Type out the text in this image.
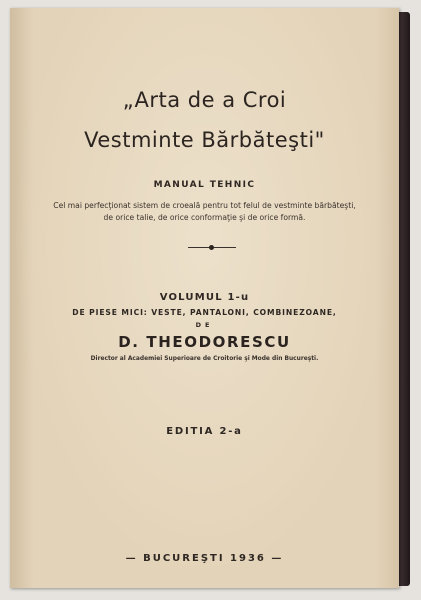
„Arta de a Croi
Vestminte Bărbăteşti"
MANUAL TEHNIC
Cel mai perfecţionat sistem de croeală pentru tot felul de vestminte bărbăteşti,
de orice talie, de orice conformaţie şi de orice formă.
VOLUMUL 1-u
DE PIESE MICI: VESTE, PANTALONI, COMBINEZOANE,
DE
D. THEODORESCU
Director al Academiei Superioare de Croitorie şi Mode din Bucureşti.
EDITIA 2-a
— BUCUREŞTI 1936 —
